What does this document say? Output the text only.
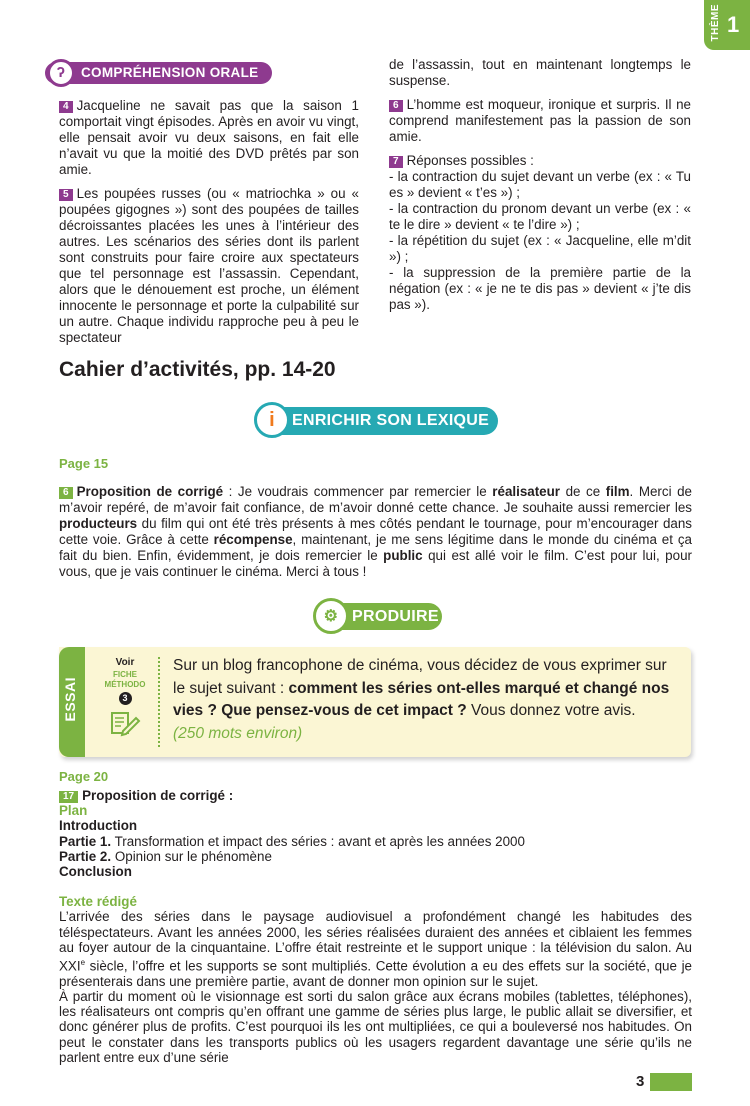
THÈME 1
ʔ	COMPRÉHENSION ORALE

4 Jacqueline ne savait pas que la saison 1 comportait vingt épisodes. Après en avoir vu vingt, elle pensait avoir vu deux saisons, en fait elle n’avait vu que la moitié des DVD prêtés par son amie.

5 Les poupées russes (ou « matriochka » ou « poupées gigognes ») sont des poupées de tailles décroissantes placées les unes à l’intérieur des autres. Les scénarios des séries dont ils parlent sont construits pour faire croire aux spectateurs que tel personnage est l’assassin. Cependant, alors que le dénouement est proche, un élément innocente le personnage et porte la culpabilité sur un autre. Chaque individu rapproche peu à peu le spectateur

de l’assassin, tout en maintenant longtemps le suspense.

6 L’homme est moqueur, ironique et surpris. Il ne comprend manifestement pas la passion de son amie.

7 Réponses possibles :
- la contraction du sujet devant un verbe (ex : « Tu es » devient « t’es ») ;
- la contraction du pronom devant un verbe (ex : « te le dire » devient « te l’dire ») ;
- la répétition du sujet (ex : « Jacqueline, elle m’dit ») ;
- la suppression de la première partie de la négation (ex : « je ne te dis pas » devient « j’te dis pas »).
Cahier d’activités, pp. 14-20
i	ENRICHIR SON LEXIQUE
Page 15
6 Proposition de corrigé : Je voudrais commencer par remercier le réalisateur de ce film. Merci de m’avoir repéré, de m’avoir fait confiance, de m’avoir donné cette chance. Je souhaite aussi remercier les producteurs du film qui ont été très présents à mes côtés pendant le tournage, pour m’encourager dans cette voie. Grâce à cette récompense, maintenant, je me sens légitime dans le monde du cinéma et ça fait du bien. Enfin, évidemment, je dois remercier le public qui est allé voir le film. C’est pour lui, pour vous, que je vais continuer le cinéma. Merci à tous !
⚙ PRODUIRE
ESSAI
Voir
FICHE
MÉTHODO
3
Sur un blog francophone de cinéma, vous décidez de vous exprimer sur le sujet suivant : comment les séries ont-elles marqué et changé nos vies ? Que pensez-vous de cet impact ? Vous donnez votre avis.
(250 mots environ)
Page 20
17 Proposition de corrigé :
Plan
Introduction
Partie 1. Transformation et impact des séries : avant et après les années 2000
Partie 2. Opinion sur le phénomène
Conclusion
Texte rédigé
L’arrivée des séries dans le paysage audiovisuel a profondément changé les habitudes des téléspectateurs. Avant les années 2000, les séries réalisées duraient des années et ciblaient les femmes au foyer autour de la cinquantaine. L’offre était restreinte et le support unique : la télévision du salon. Au XXIe siècle, l’offre et les supports se sont multipliés. Cette évolution a eu des effets sur la société, que je présenterais dans une première partie, avant de donner mon opinion sur le sujet.
À partir du moment où le visionnage est sorti du salon grâce aux écrans mobiles (tablettes, téléphones), les réalisateurs ont compris qu’en offrant une gamme de séries plus large, le public allait se diversifier, et donc générer plus de profits. C’est pourquoi ils les ont multipliées, ce qui a bouleversé nos habitudes. On peut le constater dans les transports publics où les usagers regardent davantage une série qu’ils ne parlent entre eux d’une série
3
